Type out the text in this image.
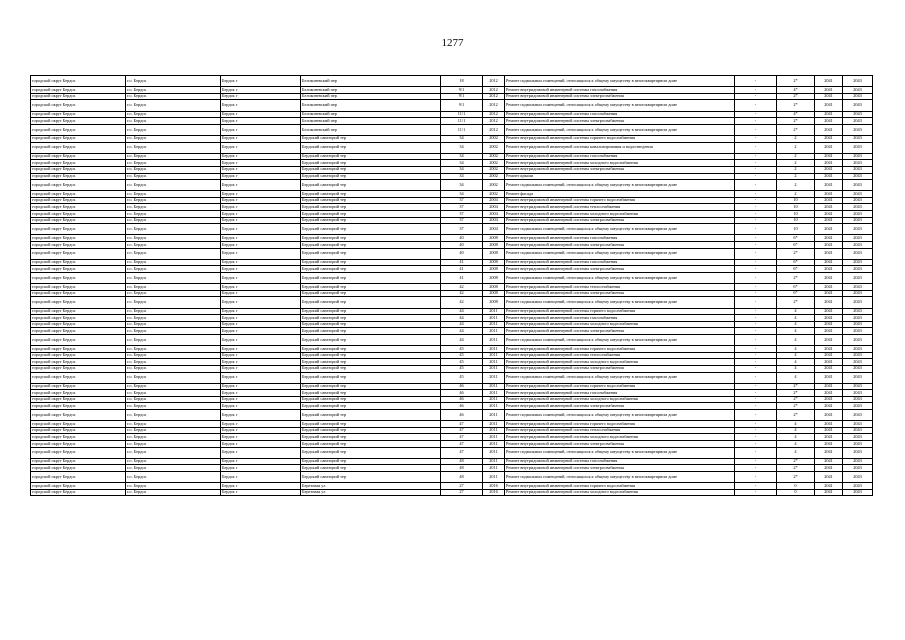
1277
городской округ Бердск	г.о. Бердск	Бердск г	Белоконевский пер	18	2012	Ремонт подвальных помещений, относящихся к общему имуществу в многоквартирном доме	-	2*	2041	2043
городской округ Бердск	г.о. Бердск	Бердск г	Белоконевский пер	9/1	2012	Ремонт внутридомовой инженерной системы газоснабжения	-	4*	2041	2043
городской округ Бердск	г.о. Бердск	Бердск г	Белоконевский пер	9/1	2012	Ремонт внутридомовой инженерной системы электроснабжения	-	2*	2041	2043
городской округ Бердск	г.о. Бердск	Бердск г	Белоконевский пер	9/1	2012	Ремонт подвальных помещений, относящихся к общему имуществу в многоквартирном доме	-	2*	2041	2043
городской округ Бердск	г.о. Бердск	Бердск г	Белоконевский пер	11/1	2012	Ремонт внутридомовой инженерной системы газоснабжения	-	4*	2041	2043
городской округ Бердск	г.о. Бердск	Бердск г	Белоконевский пер	11/1	2012	Ремонт внутридомовой инженерной системы электроснабжения	-	2*	2041	2043
городской округ Бердск	г.о. Бердск	Бердск г	Белоконевский пер	11/1	2012	Ремонт подвальных помещений, относящихся к общему имуществу в многоквартирном доме	-	2*	2041	2043
городской округ Бердск	г.о. Бердск	Бердск г	Бердский санаторий тер	34	2002	Ремонт внутридомовой инженерной системы горячего водоснабжения	-	2	2041	2043
городской округ Бердск	г.о. Бердск	Бердск г	Бердский санаторий тер	34	2002	Ремонт внутридомовой инженерной системы канализирования и водоотведения	-	2	2041	2043
городской округ Бердск	г.о. Бердск	Бердск г	Бердский санаторий тер	34	2002	Ремонт внутридомовой инженерной системы газоснабжения	-	2	2041	2043
городской округ Бердск	г.о. Бердск	Бердск г	Бердский санаторий тер	34	2002	Ремонт внутридомовой инженерной системы холодного водоснабжения	-	2	2041	2043
городской округ Бердск	г.о. Бердск	Бердск г	Бердский санаторий тер	34	2002	Ремонт внутридомовой инженерной системы электроснабжения	-	2	2041	2043
городской округ Бердск	г.о. Бердск	Бердск г	Бердский санаторий тер	34	2002	Ремонт крыши	-	2	2041	2043
городской округ Бердск	г.о. Бердск	Бердск г	Бердский санаторий тер	34	2002	Ремонт подвальных помещений, относящихся к общему имуществу в многоквартирном доме	-	2	2041	2043
городской округ Бердск	г.о. Бердск	Бердск г	Бердский санаторий тер	34	2002	Ремонт фасада	-	2	2041	2043
городской округ Бердск	г.о. Бердск	Бердск г	Бердский санаторий тер	37	2004	Ремонт внутридомовой инженерной системы горячего водоснабжения	-	10	2041	2043
городской округ Бердск	г.о. Бердск	Бердск г	Бердский санаторий тер	37	2004	Ремонт внутридомовой инженерной системы теплоснабжения	-	10	2041	2043
городской округ Бердск	г.о. Бердск	Бердск г	Бердский санаторий тер	37	2004	Ремонт внутридомовой инженерной системы холодного водоснабжения	-	10	2041	2043
городской округ Бердск	г.о. Бердск	Бердск г	Бердский санаторий тер	37	2004	Ремонт внутридомовой инженерной системы электроснабжения	-	10	2041	2043
городской округ Бердск	г.о. Бердск	Бердск г	Бердский санаторий тер	37	2004	Ремонт подвальных помещений, относящихся к общему имуществу в многоквартирном доме	-	10	2041	2043
городской округ Бердск	г.о. Бердск	Бердск г	Бердский санаторий тер	40	2008	Ремонт внутридомовой инженерной системы газоснабжения	-	6*	2041	2043
городской округ Бердск	г.о. Бердск	Бердск г	Бердский санаторий тер	40	2008	Ремонт внутридомовой инженерной системы электроснабжения	-	6*	2041	2043
городской округ Бердск	г.о. Бердск	Бердск г	Бердский санаторий тер	40	2008	Ремонт подвальных помещений, относящихся к общему имуществу в многоквартирном доме	-	2*	2041	2043
городской округ Бердск	г.о. Бердск	Бердск г	Бердский санаторий тер	41	2008	Ремонт внутридомовой инженерной системы газоснабжения	-	6*	2041	2043
городской округ Бердск	г.о. Бердск	Бердск г	Бердский санаторий тер	41	2008	Ремонт внутридомовой инженерной системы электроснабжения	-	6*	2041	2043
городской округ Бердск	г.о. Бердск	Бердск г	Бердский санаторий тер	41	2008	Ремонт подвальных помещений, относящихся к общему имуществу в многоквартирном доме	-	2*	2041	2043
городской округ Бердск	г.о. Бердск	Бердск г	Бердский санаторий тер	42	2008	Ремонт внутридомовой инженерной системы теплоснабжения	-	6*	2041	2043
городской округ Бердск	г.о. Бердск	Бердск г	Бердский санаторий тер	42	2008	Ремонт внутридомовой инженерной системы электроснабжения	-	6*	2041	2043
городской округ Бердск	г.о. Бердск	Бердск г	Бердский санаторий тер	42	2008	Ремонт подвальных помещений, относящихся к общему имуществу в многоквартирном доме	-	2*	2041	2043
городской округ Бердск	г.о. Бердск	Бердск г	Бердский санаторий тер	44	2011	Ремонт внутридомовой инженерной системы горячего водоснабжения	-	4	2041	2043
городской округ Бердск	г.о. Бердск	Бердск г	Бердский санаторий тер	44	2011	Ремонт внутридомовой инженерной системы газоснабжения	-	4	2041	2043
городской округ Бердск	г.о. Бердск	Бердск г	Бердский санаторий тер	44	2011	Ремонт внутридомовой инженерной системы холодного водоснабжения	-	4	2041	2043
городской округ Бердск	г.о. Бердск	Бердск г	Бердский санаторий тер	44	2011	Ремонт внутридомовой инженерной системы электроснабжения	-	4	2041	2043
городской округ Бердск	г.о. Бердск	Бердск г	Бердский санаторий тер	44	2011	Ремонт подвальных помещений, относящихся к общему имуществу в многоквартирном доме	-	4	2041	2043
городской округ Бердск	г.о. Бердск	Бердск г	Бердский санаторий тер	45	2011	Ремонт внутридомовой инженерной системы горячего водоснабжения	-	4	2041	2043
городской округ Бердск	г.о. Бердск	Бердск г	Бердский санаторий тер	45	2011	Ремонт внутридомовой инженерной системы теплоснабжения	-	4	2041	2043
городской округ Бердск	г.о. Бердск	Бердск г	Бердский санаторий тер	45	2011	Ремонт внутридомовой инженерной системы холодного водоснабжения	-	4	2041	2043
городской округ Бердск	г.о. Бердск	Бердск г	Бердский санаторий тер	45	2011	Ремонт внутридомовой инженерной системы электроснабжения	-	4	2041	2043
городской округ Бердск	г.о. Бердск	Бердск г	Бердский санаторий тер	45	2011	Ремонт подвальных помещений, относящихся к общему имуществу в многоквартирном доме	-	4	2041	2043
городской округ Бердск	г.о. Бердск	Бердск г	Бердский санаторий тер	46	2011	Ремонт внутридомовой инженерной системы горячего водоснабжения	-	2*	2041	2043
городской округ Бердск	г.о. Бердск	Бердск г	Бердский санаторий тер	46	2011	Ремонт внутридомовой инженерной системы газоснабжения	-	2*	2041	2043
городской округ Бердск	г.о. Бердск	Бердск г	Бердский санаторий тер	46	2011	Ремонт внутридомовой инженерной системы холодного водоснабжения	-	2*	2041	2043
городской округ Бердск	г.о. Бердск	Бердск г	Бердский санаторий тер	46	2011	Ремонт внутридомовой инженерной системы электроснабжения	-	2*	2041	2043
городской округ Бердск	г.о. Бердск	Бердск г	Бердский санаторий тер	46	2011	Ремонт подвальных помещений, относящихся к общему имуществу в многоквартирном доме	-	2*	2041	2043
городской округ Бердск	г.о. Бердск	Бердск г	Бердский санаторий тер	47	2011	Ремонт внутридомовой инженерной системы горячего водоснабжения	-	4	2041	2043
городской округ Бердск	г.о. Бердск	Бердск г	Бердский санаторий тер	47	2011	Ремонт внутридомовой инженерной системы теплоснабжения	-	4	2041	2043
городской округ Бердск	г.о. Бердск	Бердск г	Бердский санаторий тер	47	2011	Ремонт внутридомовой инженерной системы холодного водоснабжения	-	4	2041	2043
городской округ Бердск	г.о. Бердск	Бердск г	Бердский санаторий тер	47	2011	Ремонт внутридомовой инженерной системы электроснабжения	-	4	2041	2043
городской округ Бердск	г.о. Бердск	Бердск г	Бердский санаторий тер	47	2011	Ремонт подвальных помещений, относящихся к общему имуществу в многоквартирном доме	-	4	2041	2043
городской округ Бердск	г.о. Бердск	Бердск г	Бердский санаторий тер	48	2011	Ремонт внутридомовой инженерной системы газоснабжения	-	2*	2041	2043
городской округ Бердск	г.о. Бердск	Бердск г	Бердский санаторий тер	48	2011	Ремонт внутридомовой инженерной системы электроснабжения	-	2*	2041	2043
городской округ Бердск	г.о. Бердск	Бердск г	Бердский санаторий тер	48	2011	Ремонт подвальных помещений, относящихся к общему имуществу в многоквартирном доме	-	2*	2041	2043
городской округ Бердск	г.о. Бердск	Бердск г	Березовая ул	27	2016	Ремонт внутридомовой инженерной системы горячего водоснабжения	-	0	2041	2043
городской округ Бердск	г.о. Бердск	Бердск г	Березовая ул	27	2016	Ремонт внутридомовой инженерной системы холодного водоснабжения	-	0	2041	2043
